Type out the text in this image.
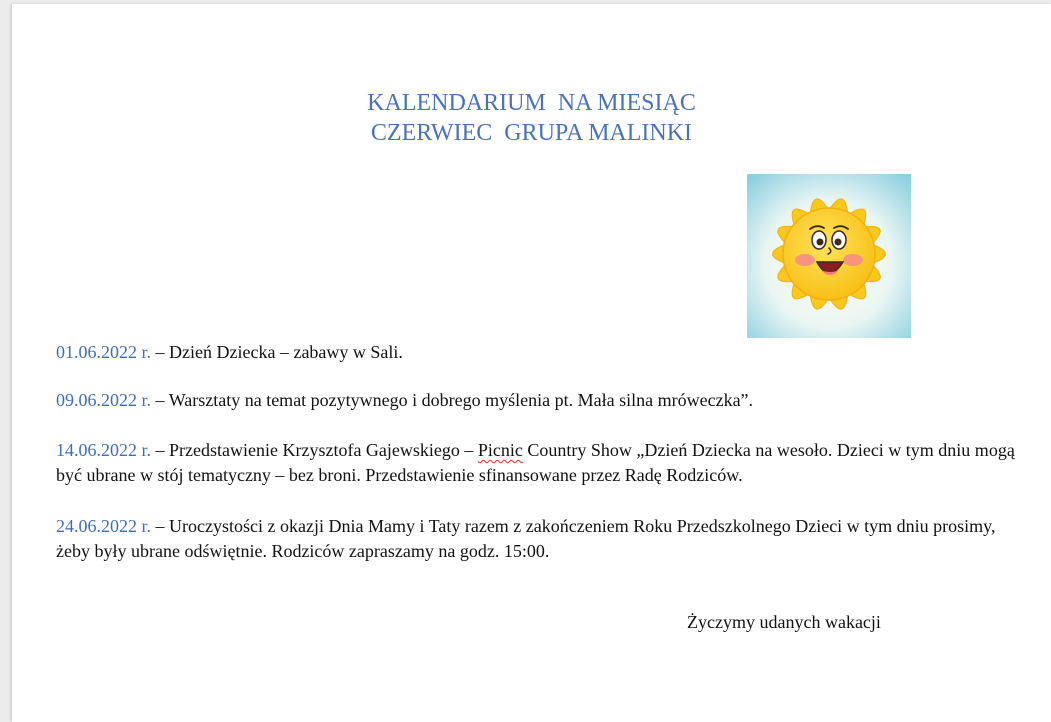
KALENDARIUM  NA MIESIĄC
CZERWIEC  GRUPA MALINKI
01.06.2022 r. – Dzień Dziecka – zabawy w Sali.
09.06.2022 r. – Warsztaty na temat pozytywnego i dobrego myślenia pt. Mała silna mróweczka”.
14.06.2022 r. – Przedstawienie Krzysztofa Gajewskiego – Picnic Country Show „Dzień Dziecka na wesoło. Dzieci w tym dniu mogą być ubrane w stój tematyczny – bez broni. Przedstawienie sfinansowane przez Radę Rodziców.
24.06.2022 r. – Uroczystości z okazji Dnia Mamy i Taty razem z zakończeniem Roku Przedszkolnego Dzieci w tym dniu prosimy, żeby były ubrane odświętnie. Rodziców zapraszamy na godz. 15:00.
Życzymy udanych wakacji
